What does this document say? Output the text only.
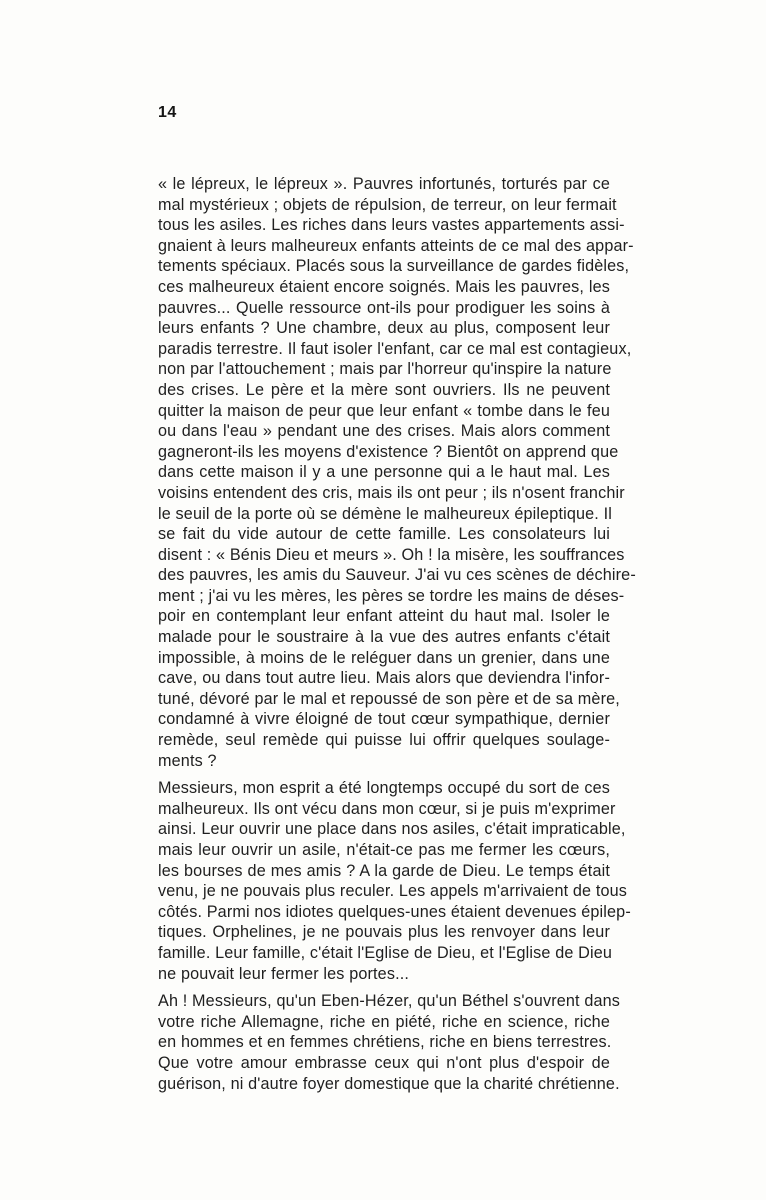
14

« le lépreux, le lépreux ». Pauvres infortunés, torturés par ce
mal mystérieux ; objets de répulsion, de terreur, on leur fermait
tous les asiles. Les riches dans leurs vastes appartements assi-
gnaient à leurs malheureux enfants atteints de ce mal des appar-
tements spéciaux. Placés sous la surveillance de gardes fidèles,
ces malheureux étaient encore soignés. Mais les pauvres, les
pauvres... Quelle ressource ont-ils pour prodiguer les soins à
leurs enfants ? Une chambre, deux au plus, composent leur
paradis terrestre. Il faut isoler l'enfant, car ce mal est contagieux,
non par l'attouchement ; mais par l'horreur qu'inspire la nature
des crises. Le père et la mère sont ouvriers. Ils ne peuvent
quitter la maison de peur que leur enfant « tombe dans le feu
ou dans l'eau » pendant une des crises. Mais alors comment
gagneront-ils les moyens d'existence ? Bientôt on apprend que
dans cette maison il y a une personne qui a le haut mal. Les
voisins entendent des cris, mais ils ont peur ; ils n'osent franchir
le seuil de la porte où se démène le malheureux épileptique. Il
se fait du vide autour de cette famille. Les consolateurs lui
disent : « Bénis Dieu et meurs ». Oh ! la misère, les souffrances
des pauvres, les amis du Sauveur. J'ai vu ces scènes de déchire-
ment ; j'ai vu les mères, les pères se tordre les mains de déses-
poir en contemplant leur enfant atteint du haut mal. Isoler le
malade pour le soustraire à la vue des autres enfants c'était
impossible, à moins de le reléguer dans un grenier, dans une
cave, ou dans tout autre lieu. Mais alors que deviendra l'infor-
tuné, dévoré par le mal et repoussé de son père et de sa mère,
condamné à vivre éloigné de tout cœur sympathique, dernier
remède, seul remède qui puisse lui offrir quelques soulage-
ments ?

Messieurs, mon esprit a été longtemps occupé du sort de ces
malheureux. Ils ont vécu dans mon cœur, si je puis m'exprimer
ainsi. Leur ouvrir une place dans nos asiles, c'était impraticable,
mais leur ouvrir un asile, n'était-ce pas me fermer les cœurs,
les bourses de mes amis ? A la garde de Dieu. Le temps était
venu, je ne pouvais plus reculer. Les appels m'arrivaient de tous
côtés. Parmi nos idiotes quelques-unes étaient devenues épilep-
tiques. Orphelines, je ne pouvais plus les renvoyer dans leur
famille. Leur famille, c'était l'Eglise de Dieu, et l'Eglise de Dieu
ne pouvait leur fermer les portes...

Ah ! Messieurs, qu'un Eben-Hézer, qu'un Béthel s'ouvrent dans
votre riche Allemagne, riche en piété, riche en science, riche
en hommes et en femmes chrétiens, riche en biens terrestres.
Que votre amour embrasse ceux qui n'ont plus d'espoir de
guérison, ni d'autre foyer domestique que la charité chrétienne.
